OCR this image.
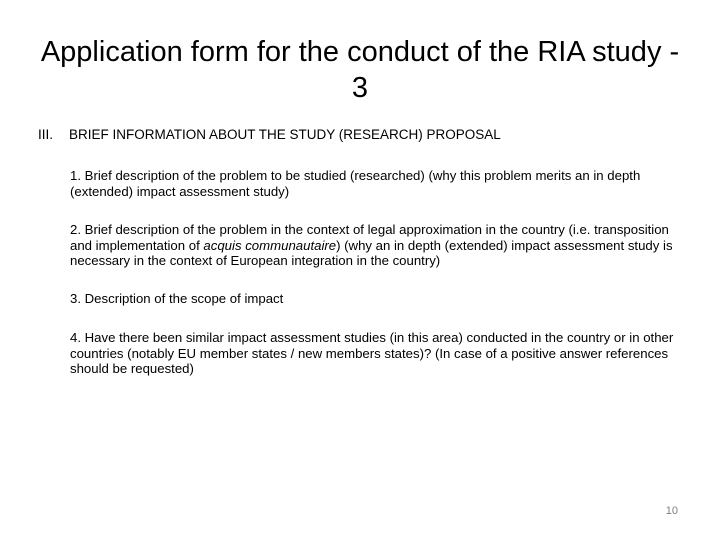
Application form for the conduct of the RIA study - 3

III. BRIEF INFORMATION ABOUT THE STUDY (RESEARCH) PROPOSAL

1. Brief description of the problem to be studied (researched) (why this problem merits an in depth (extended) impact assessment study)

2. Brief description of the problem in the context of legal approximation in the country (i.e. transposition and implementation of acquis communautaire) (why an in depth (extended) impact assessment study is necessary in the context of European integration in the country)

3. Description of the scope of impact

4. Have there been similar impact assessment studies (in this area) conducted in the country or in other countries (notably EU member states / new members states)? (In case of a positive answer references should be requested)

10
